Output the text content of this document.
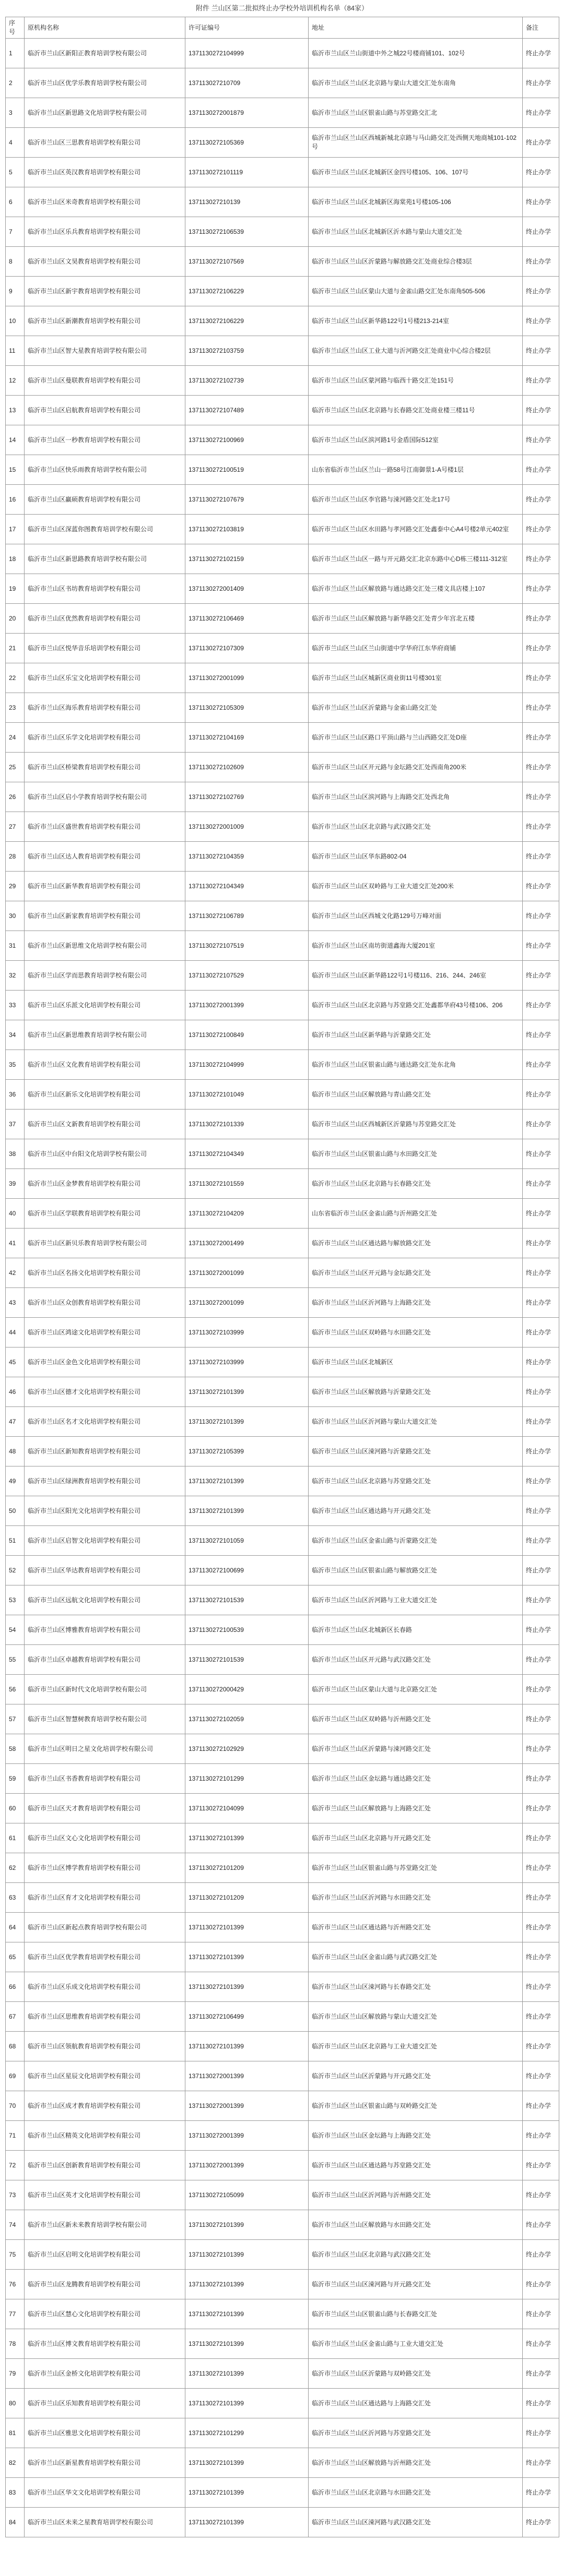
附件 兰山区第二批拟终止办学校外培训机构名单（84家）
序号	原机构名称	许可证编号	地址	备注
1	临沂市兰山区新阳正教育培训学校有限公司	1371130272104999	临沂市兰山区兰山街道中外之城22号楼商铺101、102号	终止办学
2	临沂市兰山区优学乐教育培训学校有限公司	137113027210709	临沂市兰山区兰山区北京路与蒙山大道交汇处东南角	终止办学
3	临沂市兰山区新思路文化培训学校有限公司	1371130272001879	临沂市兰山区兰山区银雀山路与苏堂路交汇北	终止办学
4	临沂市兰山区三思教育培训学校有限公司	1371130272105369	临沂市兰山区兰山区西城新城北京路与马山路交汇处西侧天地商城101-102号	终止办学
5	临沂市兰山区英汉教育培训学校有限公司	1371130272101119	临沂市兰山区兰山区北城新区金四号楼105、106、107号	终止办学
6	临沂市兰山区米奇教育培训学校有限公司	137113027210139	临沂市兰山区兰山区北城新区海棠苑1号楼105-106	终止办学
7	临沂市兰山区乐兵教育培训学校有限公司	1371130272106539	临沂市兰山区兰山区北城新区沂水路与蒙山大道交汇处	终止办学
8	临沂市兰山区文昊教育培训学校有限公司	1371130272107569	临沂市兰山区兰山区沂蒙路与解放路交汇处商业综合楼3层	终止办学
9	临沂市兰山区新宇教育培训学校有限公司	1371130272106229	临沂市兰山区兰山区蒙山大道与金雀山路交汇处东南角505-506	终止办学
10	临沂市兰山区新潮教育培训学校有限公司	1371130272106229	临沂市兰山区兰山区新华路122号1号楼213-214室	终止办学
11	临沂市兰山区智大星教育培训学校有限公司	1371130272103759	临沂市兰山区兰山区工业大道与沂河路交汇处商业中心综合楼2层	终止办学
12	临沂市兰山区曼联教育培训学校有限公司	1371130272102739	临沂市兰山区兰山区蒙河路与临西十路交汇处151号	终止办学
13	临沂市兰山区启航教育培训学校有限公司	1371130272107489	临沂市兰山区兰山区北京路与长春路交汇处商业楼三楼11号	终止办学
14	临沂市兰山区一秒教育培训学校有限公司	1371130272100969	临沂市兰山区兰山区滨河路1号金盾国际512室	终止办学
15	临沂市兰山区快乐雨教育培训学校有限公司	1371130272100519	山东省临沂市兰山区兰山一路58号江南御景1-A号楼1层	终止办学
16	临沂市兰山区赢硕教育培训学校有限公司	1371130272107679	临沂市兰山区兰山区李官路与涑河路交汇处北17号	终止办学
17	临沂市兰山区深蓝你图教育培训学校有限公司	1371130272103819	临沂市兰山区兰山区水田路与孝河路交汇处鑫泰中心A4号楼2单元402室	终止办学
18	临沂市兰山区新思路教育培训学校有限公司	1371130272102159	临沂市兰山区兰山区一路与开元路交汇北京东路中心D栋三楼111-312室	终止办学
19	临沂市兰山区书坊教育培训学校有限公司	1371130272001409	临沂市兰山区兰山区解放路与通达路交汇处三楼文具店楼上107	终止办学
20	临沂市兰山区优然教育培训学校有限公司	1371130272106469	临沂市兰山区兰山区解放路与新华路交汇处青少年宫北五楼	终止办学
21	临沂市兰山区悦华音乐培训学校有限公司	1371130272107309	临沂市兰山区兰山区兰山街道中学华府江东华府商铺	终止办学
22	临沂市兰山区乐宝文化培训学校有限公司	1371130272001099	临沂市兰山区兰山区城新区商业街11号楼301室	终止办学
23	临沂市兰山区海乐教育培训学校有限公司	1371130272105309	临沂市兰山区兰山区沂蒙路与金雀山路交汇处	终止办学
24	临沂市兰山区乐学文化培训学校有限公司	1371130272104169	临沂市兰山区兰山区路口平顶山路与兰山西路交汇处D座	终止办学
25	临沂市兰山区桥梁教育培训学校有限公司	1371130272102609	临沂市兰山区兰山区开元路与金坛路交汇处西南角200米	终止办学
26	临沂市兰山区启小学教育培训学校有限公司	1371130272102769	临沂市兰山区兰山区滨河路与上海路交汇处西北角	终止办学
27	临沂市兰山区盛世教育培训学校有限公司	1371130272001009	临沂市兰山区兰山区北京路与武汉路交汇处	终止办学
28	临沂市兰山区达人教育培训学校有限公司	1371130272104359	临沂市兰山区兰山区华东路802-04	终止办学
29	临沂市兰山区新华教育培训学校有限公司	1371130272104349	临沂市兰山区兰山区双岭路与工业大道交汇处200米	终止办学
30	临沂市兰山区新家教育培训学校有限公司	1371130272106789	临沂市兰山区兰山区西城文化路129号万峰对面	终止办学
31	临沂市兰山区新思维文化培训学校有限公司	1371130272107519	临沂市兰山区兰山区南坊街道鑫海大厦201室	终止办学
32	临沂市兰山区学而思教育培训学校有限公司	1371130272107529	临沂市兰山区兰山区新华路122号1号楼116、216、244、246室	终止办学
33	临沂市兰山区乐派文化培训学校有限公司	1371130272001399	临沂市兰山区兰山区北京路与苏堂路交汇处鑫都华府43号楼106、206	终止办学
34	临沂市兰山区新思维教育培训学校有限公司	1371130272100849	临沂市兰山区兰山区新华路与沂蒙路交汇处	终止办学
35	临沂市兰山区文化教育培训学校有限公司	1371130272104999	临沂市兰山区兰山区银雀山路与通达路交汇处东北角	终止办学
36	临沂市兰山区新乐文化培训学校有限公司	1371130272101049	临沂市兰山区兰山区解放路与青山路交汇处	终止办学
37	临沂市兰山区文新教育培训学校有限公司	1371130272101339	临沂市兰山区兰山区西城新区沂蒙路与苏堂路交汇处	终止办学
38	临沂市兰山区中台阳文化培训学校有限公司	1371130272104349	临沂市兰山区兰山区银雀山路与水田路交汇处	终止办学
39	临沂市兰山区金梦教育培训学校有限公司	1371130272101559	临沂市兰山区兰山区北京路与长春路交汇处	终止办学
40	临沂市兰山区学联教育培训学校有限公司	1371130272104209	山东省临沂市兰山区金雀山路与沂州路交汇处	终止办学
41	临沂市兰山区新贝乐教育培训学校有限公司	1371130272001499	临沂市兰山区兰山区通达路与解放路交汇处	终止办学
42	临沂市兰山区名扬文化培训学校有限公司	1371130272001099	临沂市兰山区兰山区开元路与金坛路交汇处	终止办学
43	临沂市兰山区众创教育培训学校有限公司	1371130272001099	临沂市兰山区兰山区沂河路与上海路交汇处	终止办学
44	临沂市兰山区鸿途文化培训学校有限公司	1371130272103999	临沂市兰山区兰山区双岭路与水田路交汇处	终止办学
45	临沂市兰山区金色文化培训学校有限公司	1371130272103999	临沂市兰山区兰山区北城新区	终止办学
46	临沂市兰山区德才文化培训学校有限公司	1371130272101399	临沂市兰山区兰山区解放路与沂蒙路交汇处	终止办学
47	临沂市兰山区名才文化培训学校有限公司	1371130272101399	临沂市兰山区兰山区沂河路与蒙山大道交汇处	终止办学
48	临沂市兰山区新知教育培训学校有限公司	1371130272105399	临沂市兰山区兰山区涑河路与沂蒙路交汇处	终止办学
49	临沂市兰山区绿洲教育培训学校有限公司	1371130272101399	临沂市兰山区兰山区北京路与苏堂路交汇处	终止办学
50	临沂市兰山区阳光文化培训学校有限公司	1371130272101399	临沂市兰山区兰山区通达路与开元路交汇处	终止办学
51	临沂市兰山区启智文化培训学校有限公司	1371130272101059	临沂市兰山区兰山区金雀山路与沂蒙路交汇处	终止办学
52	临沂市兰山区华达教育培训学校有限公司	1371130272100699	临沂市兰山区兰山区银雀山路与解放路交汇处	终止办学
53	临沂市兰山区远航文化培训学校有限公司	1371130272101539	临沂市兰山区兰山区沂河路与工业大道交汇处	终止办学
54	临沂市兰山区博雅教育培训学校有限公司	1371130272100539	临沂市兰山区兰山区北城新区长春路	终止办学
55	临沂市兰山区卓越教育培训学校有限公司	1371130272101539	临沂市兰山区兰山区开元路与武汉路交汇处	终止办学
56	临沂市兰山区新时代文化培训学校有限公司	1371130272000429	临沂市兰山区兰山区蒙山大道与北京路交汇处	终止办学
57	临沂市兰山区智慧树教育培训学校有限公司	1371130272102059	临沂市兰山区兰山区双岭路与沂州路交汇处	终止办学
58	临沂市兰山区明日之星文化培训学校有限公司	1371130272102929	临沂市兰山区兰山区沂蒙路与涑河路交汇处	终止办学
59	临沂市兰山区书香教育培训学校有限公司	1371130272101299	临沂市兰山区兰山区金坛路与通达路交汇处	终止办学
60	临沂市兰山区天才教育培训学校有限公司	1371130272104099	临沂市兰山区兰山区解放路与上海路交汇处	终止办学
61	临沂市兰山区文心文化培训学校有限公司	1371130272101399	临沂市兰山区兰山区北京路与开元路交汇处	终止办学
62	临沂市兰山区博学教育培训学校有限公司	1371130272101209	临沂市兰山区兰山区银雀山路与苏堂路交汇处	终止办学
63	临沂市兰山区育才文化培训学校有限公司	1371130272101209	临沂市兰山区兰山区沂河路与水田路交汇处	终止办学
64	临沂市兰山区新起点教育培训学校有限公司	1371130272101399	临沂市兰山区兰山区通达路与沂州路交汇处	终止办学
65	临沂市兰山区优学教育培训学校有限公司	1371130272101399	临沂市兰山区兰山区金雀山路与武汉路交汇处	终止办学
66	临沂市兰山区乐成文化培训学校有限公司	1371130272101399	临沂市兰山区兰山区涑河路与长春路交汇处	终止办学
67	临沂市兰山区思维教育培训学校有限公司	1371130272106499	临沂市兰山区兰山区解放路与蒙山大道交汇处	终止办学
68	临沂市兰山区领航教育培训学校有限公司	1371130272101399	临沂市兰山区兰山区北京路与工业大道交汇处	终止办学
69	临沂市兰山区星辰文化培训学校有限公司	1371130272001399	临沂市兰山区兰山区沂蒙路与开元路交汇处	终止办学
70	临沂市兰山区成才教育培训学校有限公司	1371130272001399	临沂市兰山区兰山区银雀山路与双岭路交汇处	终止办学
71	临沂市兰山区精英文化培训学校有限公司	1371130272001399	临沂市兰山区兰山区金坛路与上海路交汇处	终止办学
72	临沂市兰山区创新教育培训学校有限公司	1371130272001399	临沂市兰山区兰山区通达路与苏堂路交汇处	终止办学
73	临沂市兰山区英才文化培训学校有限公司	1371130272105099	临沂市兰山区兰山区沂河路与沂州路交汇处	终止办学
74	临沂市兰山区新未来教育培训学校有限公司	1371130272101399	临沂市兰山区兰山区解放路与水田路交汇处	终止办学
75	临沂市兰山区启明文化培训学校有限公司	1371130272101399	临沂市兰山区兰山区北京路与武汉路交汇处	终止办学
76	临沂市兰山区龙腾教育培训学校有限公司	1371130272101399	临沂市兰山区兰山区涑河路与开元路交汇处	终止办学
77	临沂市兰山区慧心文化培训学校有限公司	1371130272101399	临沂市兰山区兰山区银雀山路与长春路交汇处	终止办学
78	临沂市兰山区博文教育培训学校有限公司	1371130272101399	临沂市兰山区兰山区金雀山路与工业大道交汇处	终止办学
79	临沂市兰山区金桥文化培训学校有限公司	1371130272101399	临沂市兰山区兰山区沂蒙路与双岭路交汇处	终止办学
80	临沂市兰山区乐知教育培训学校有限公司	1371130272101399	临沂市兰山区兰山区通达路与上海路交汇处	终止办学
81	临沂市兰山区雅思文化培训学校有限公司	1371130272101299	临沂市兰山区兰山区沂河路与苏堂路交汇处	终止办学
82	临沂市兰山区新星教育培训学校有限公司	1371130272101399	临沂市兰山区兰山区解放路与沂州路交汇处	终止办学
83	临沂市兰山区华文文化培训学校有限公司	1371130272101399	临沂市兰山区兰山区北京路与水田路交汇处	终止办学
84	临沂市兰山区未来之星教育培训学校有限公司	1371130272101399	临沂市兰山区兰山区涑河路与武汉路交汇处	终止办学
